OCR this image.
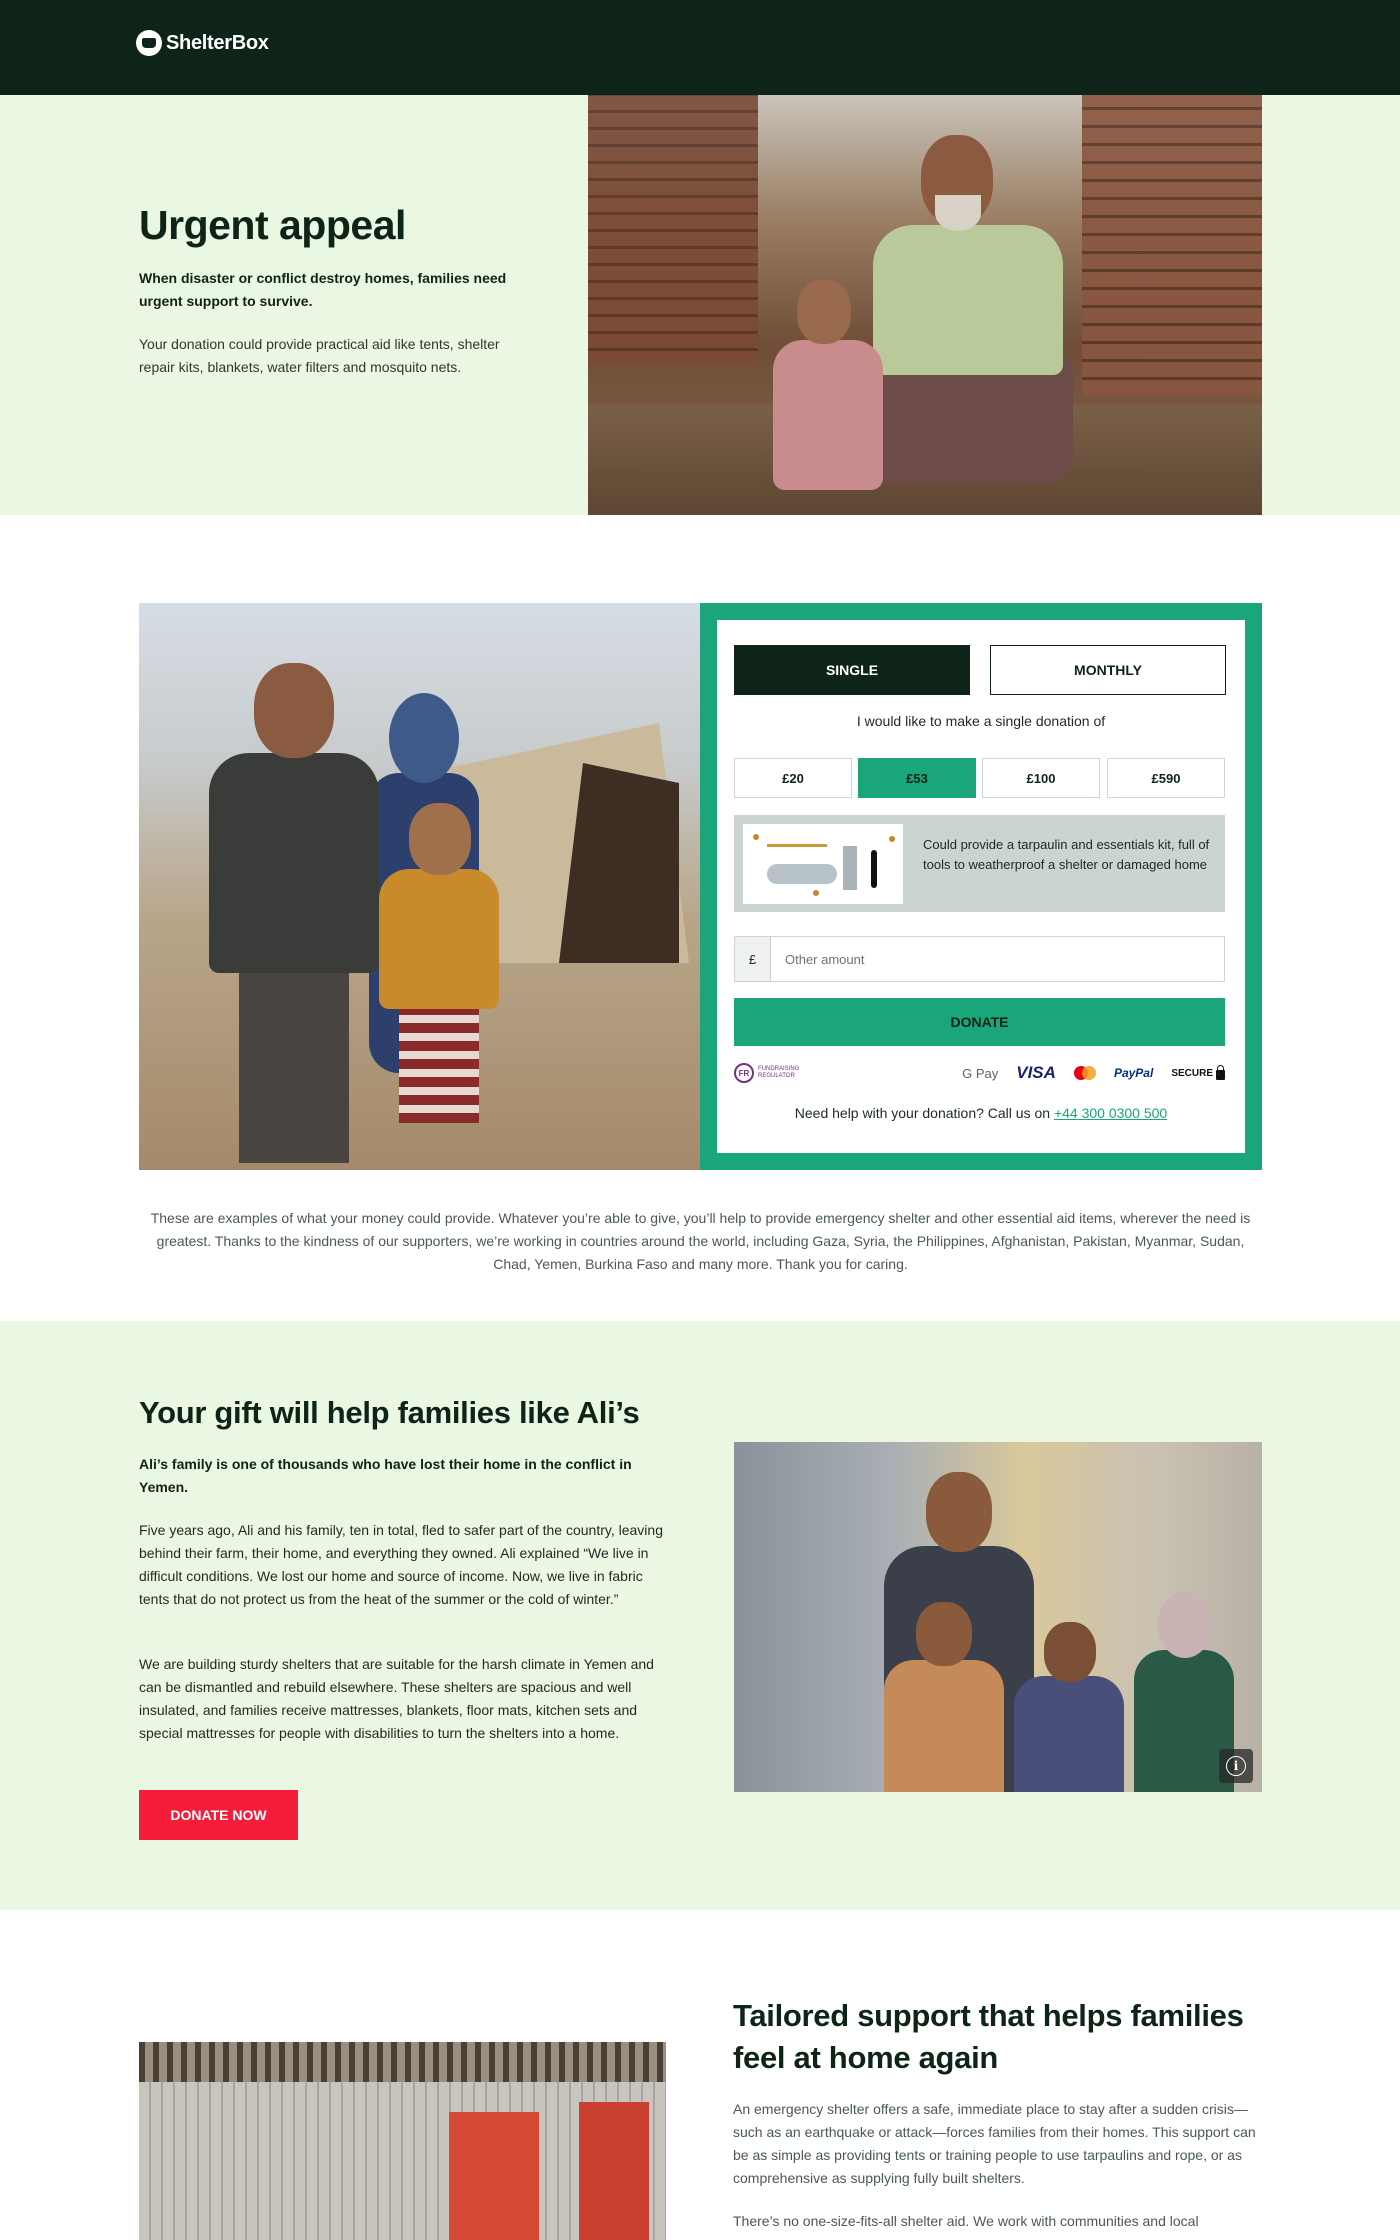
ShelterBox
Urgent appeal

When disaster or conflict destroy homes, families need urgent support to survive.

Your donation could provide practical aid like tents, shelter repair kits, blankets, water filters and mosquito nets.

SINGLE	MONTHLY

I would like to make a single donation of

£20	£53	£100	£590

Could provide a tarpaulin and essentials kit, full of tools to weatherproof a shelter or damaged home

£
Other amount
DONATE
FR	FUNDRAISING REGULATOR	G Pay VISA	PayPal SECURE

Need help with your donation? Call us on +44 300 0300 500

These are examples of what your money could provide. Whatever you’re able to give, you’ll help to provide emergency shelter and other essential aid items, wherever the need is greatest. Thanks to the kindness of our supporters, we’re working in countries around the world, including Gaza, Syria, the Philippines, Afghanistan, Pakistan, Myanmar, Sudan, Chad, Yemen, Burkina Faso and many more. Thank you for caring.

Your gift will help families like Ali’s

Ali’s family is one of thousands who have lost their home in the conflict in Yemen.

Five years ago, Ali and his family, ten in total, fled to safer part of the country, leaving behind their farm, their home, and everything they owned. Ali explained “We live in difficult conditions. We lost our home and source of income. Now, we live in fabric tents that do not protect us from the heat of the summer or the cold of winter.”

We are building sturdy shelters that are suitable for the harsh climate in Yemen and can be dismantled and rebuild elsewhere. These shelters are spacious and well insulated, and families receive mattresses, blankets, floor mats, kitchen sets and special mattresses for people with disabilities to turn the shelters into a home.

DONATE NOW
i
Tailored support that helps families feel at home again

An emergency shelter offers a safe, immediate place to stay after a sudden crisis—such as an earthquake or attack—forces families from their homes. This support can be as simple as providing tents or training people to use tarpaulins and rope, or as comprehensive as supplying fully built shelters.

There’s no one-size-fits-all shelter aid. We work with communities and local
